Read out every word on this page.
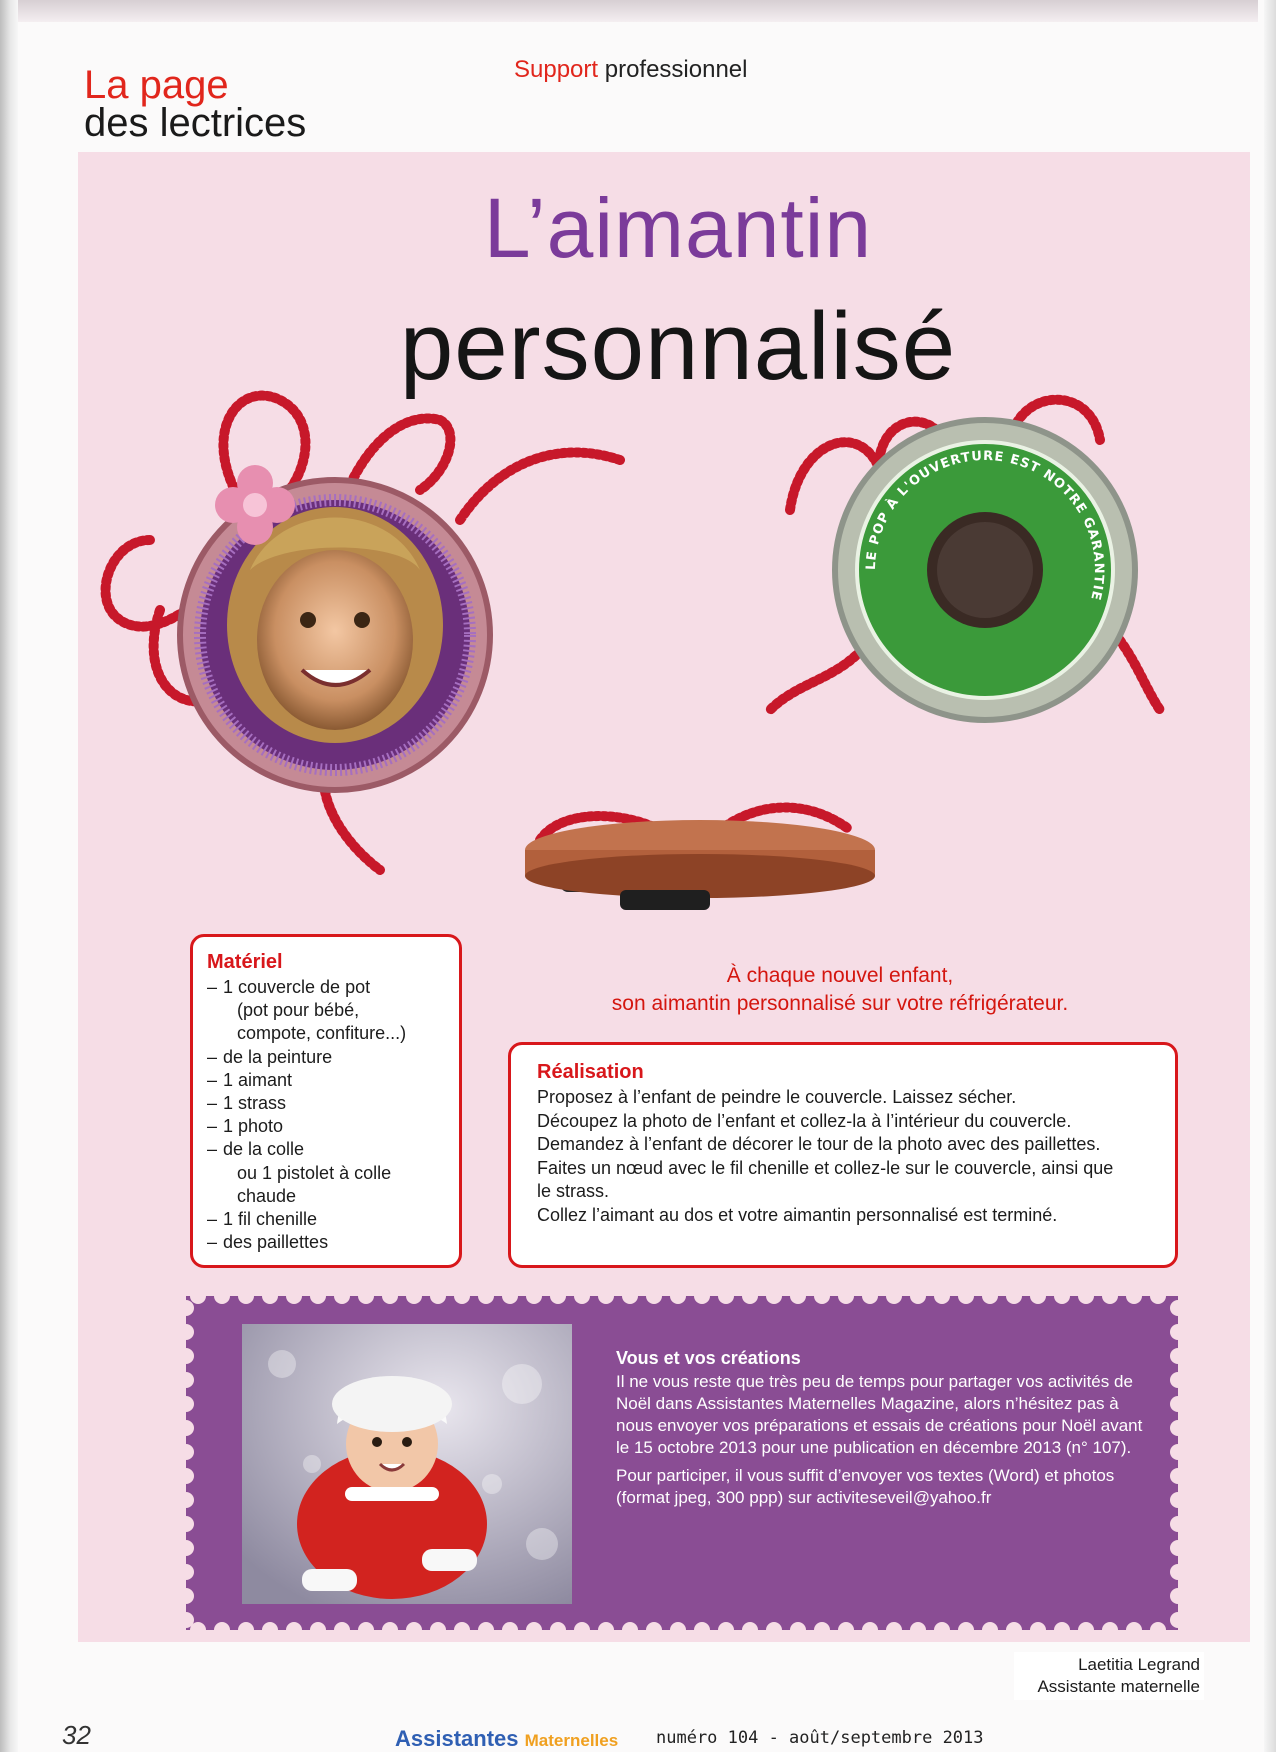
La page
des lectrices
Support professionnel
L’aimantin
personnalisé
LE POP À L'OUVERTURE EST NOTRE GARANTIE
À chaque nouvel enfant,
son aimantin personnalisé sur votre réfrigérateur.
Matériel
– 1 couvercle de pot
(pot pour bébé,
compote, confiture...)
– de la peinture
– 1 aimant
– 1 strass
– 1 photo
– de la colle
ou 1 pistolet à colle
chaude
– 1 fil chenille
– des paillettes
Réalisation

Proposez à l’enfant de peindre le couvercle. Laissez sécher.

Découpez la photo de l’enfant et collez-la à l’intérieur du couvercle.

Demandez à l’enfant de décorer le tour de la photo avec des paillettes.

Faites un nœud avec le fil chenille et collez-le sur le couvercle, ainsi que

le strass.

Collez l’aimant au dos et votre aimantin personnalisé est terminé.

Vous et vos créations

Il ne vous reste que très peu de temps pour partager vos activités de Noël dans Assistantes Maternelles Magazine, alors n’hésitez pas à nous envoyer vos préparations et essais de créations pour Noël avant le 15 octobre 2013 pour une publication en décembre 2013 (n° 107).

Pour participer, il vous suffit d’envoyer vos textes (Word) et photos (format jpeg, 300 ppp) sur activiteseveil@yahoo.fr

Laetitia Legrand
Assistante maternelle
32	Assistantes Maternelles numéro 104 - août/septembre 2013
